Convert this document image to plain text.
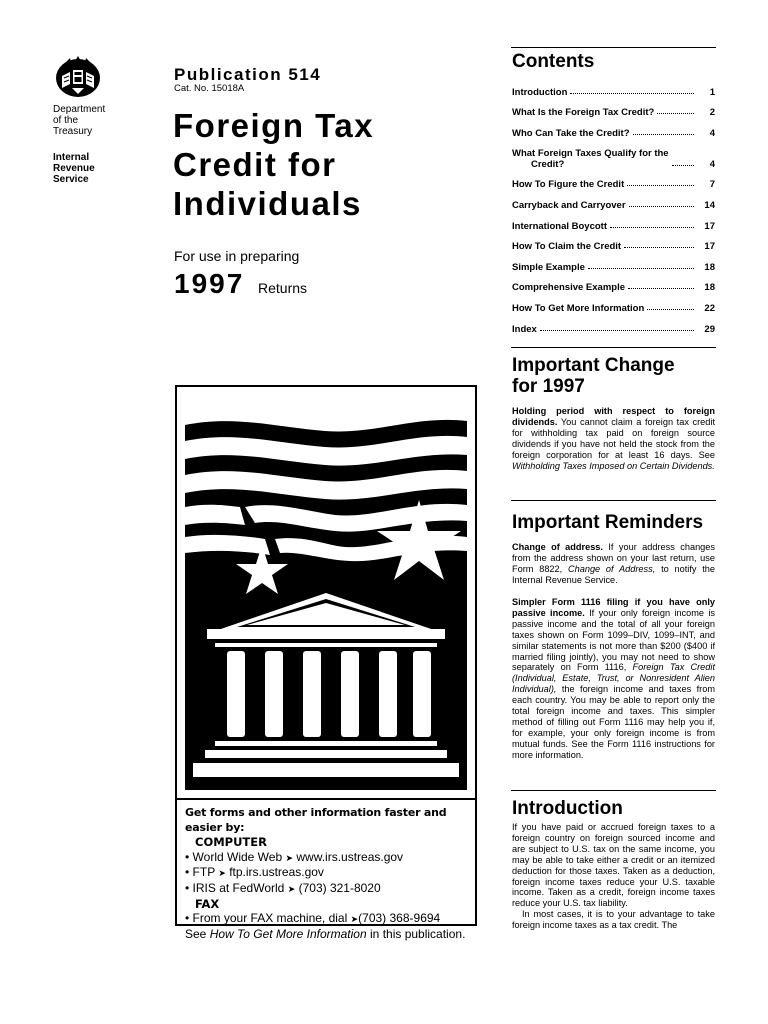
Department
of the
Treasury
Internal
Revenue
Service
Publication 514
Cat. No. 15018A
Foreign Tax
Credit for
Individuals
For use in preparing
1997 Returns
Get forms and other information faster and easier by:
COMPUTER
• World Wide Web ➤ www.irs.ustreas.gov
• FTP ➤ ftp.irs.ustreas.gov
• IRIS at FedWorld ➤ (703) 321-8020
FAX
• From your FAX machine, dial ➤(703) 368-9694
See How To Get More Information in this publication.
Contents
Introduction	1
What Is the Foreign Tax Credit?	2
Who Can Take the Credit?	4
What Foreign Taxes Qualify for the
Credit?	4
How To Figure the Credit	7
Carryback and Carryover	14
International Boycott	17
How To Claim the Credit	17
Simple Example	18
Comprehensive Example	18
How To Get More Information	22
Index	29
Important Change
for 1997
Holding period with respect to foreign dividends. You cannot claim a foreign tax credit for withholding tax paid on foreign source dividends if you have not held the stock from the foreign corporation for at least 16 days. See Withholding Taxes Imposed on Certain Dividends.
Important Reminders
Change of address. If your address changes from the address shown on your last return, use Form 8822, Change of Address, to notify the Internal Revenue Service.
Simpler Form 1116 filing if you have only passive income. If your only foreign income is passive income and the total of all your foreign taxes shown on Form 1099–DIV, 1099–INT, and similar statements is not more than $200 ($400 if married filing jointly), you may not need to show separately on Form 1116, Foreign Tax Credit (Individual, Estate, Trust, or Nonresident Alien Individual), the foreign income and taxes from each country. You may be able to report only the total foreign income and taxes. This simpler method of filling out Form 1116 may help you if, for example, your only foreign income is from mutual funds. See the Form 1116 instructions for more information.
Introduction
If you have paid or accrued foreign taxes to a foreign country on foreign sourced income and are subject to U.S. tax on the same income, you may be able to take either a credit or an itemized deduction for those taxes. Taken as a deduction, foreign income taxes reduce your U.S. taxable income. Taken as a credit, foreign income taxes reduce your U.S. tax liability.
In most cases, it is to your advantage to take foreign income taxes as a tax credit. The
